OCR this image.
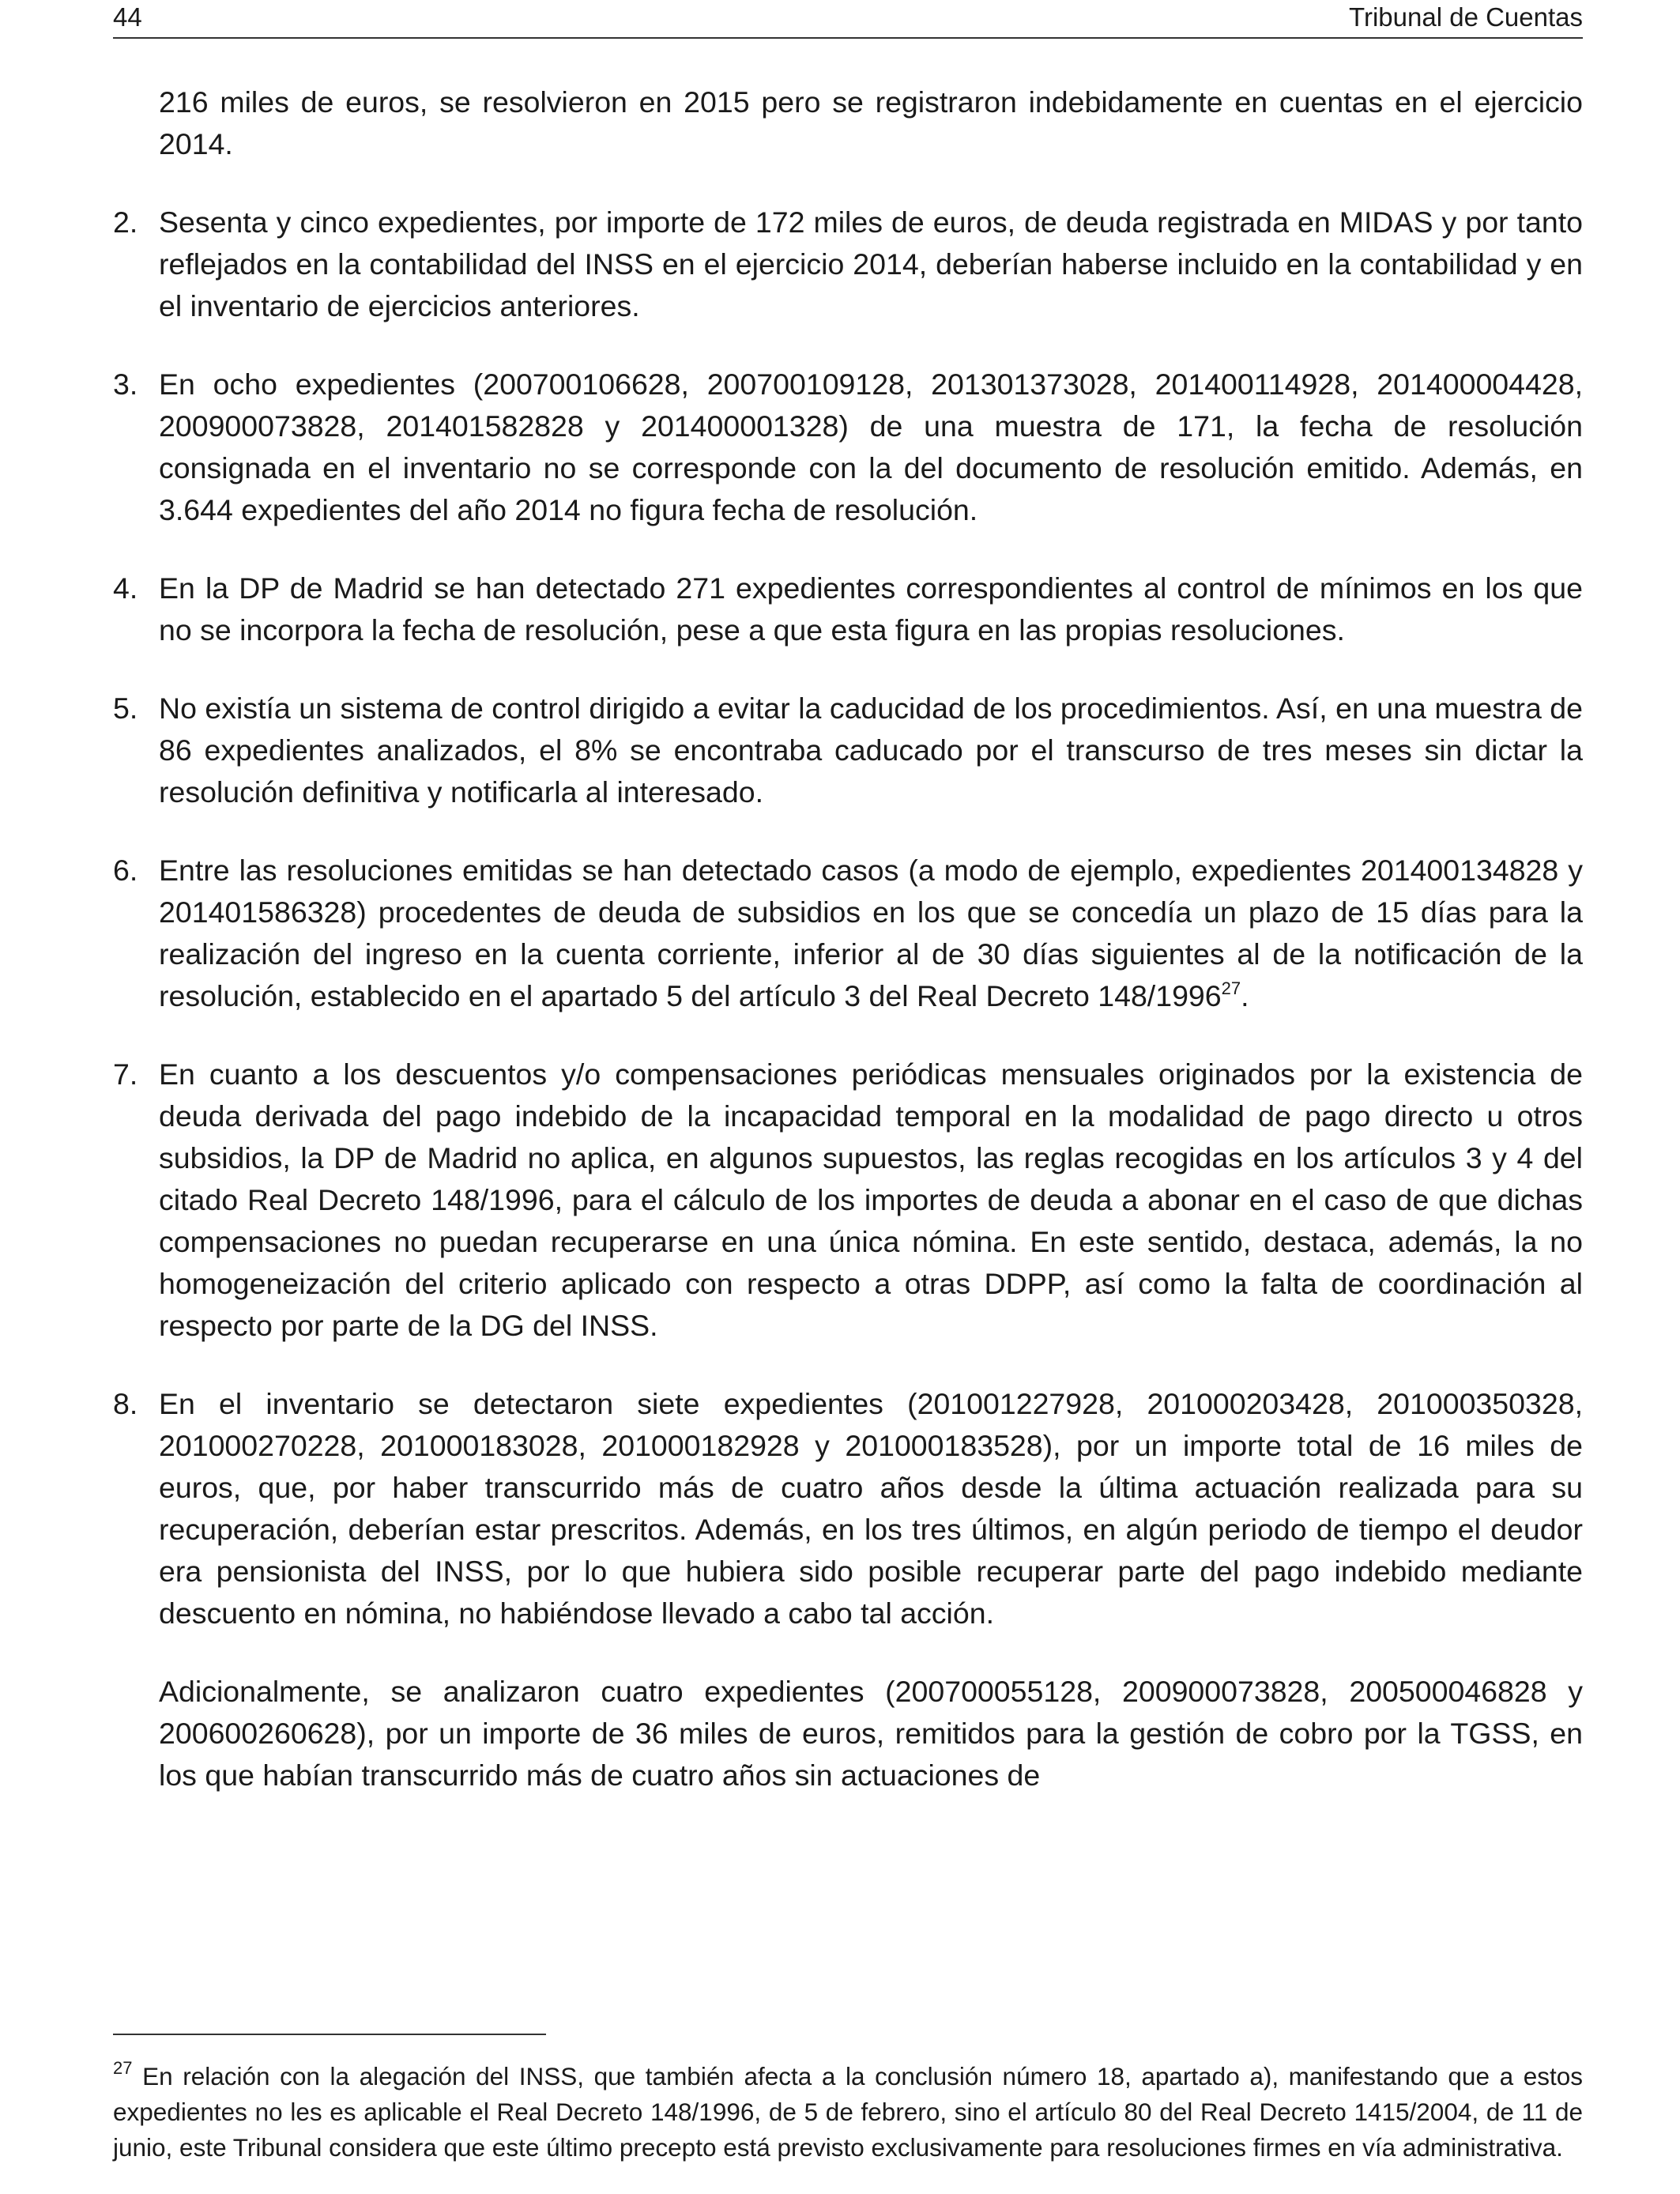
44	Tribunal de Cuentas
216 miles de euros, se resolvieron en 2015 pero se registraron indebidamente en cuentas en el ejercicio 2014.
2. Sesenta y cinco expedientes, por importe de 172 miles de euros, de deuda registrada en MIDAS y por tanto reflejados en la contabilidad del INSS en el ejercicio 2014, deberían haberse incluido en la contabilidad y en el inventario de ejercicios anteriores.
3. En ocho expedientes (200700106628, 200700109128, 201301373028, 201400114928, 201400004428, 200900073828, 201401582828 y 201400001328) de una muestra de 171, la fecha de resolución consignada en el inventario no se corresponde con la del documento de resolución emitido. Además, en 3.644 expedientes del año 2014 no figura fecha de resolución.
4. En la DP de Madrid se han detectado 271 expedientes correspondientes al control de mínimos en los que no se incorpora la fecha de resolución, pese a que esta figura en las propias resoluciones.
5. No existía un sistema de control dirigido a evitar la caducidad de los procedimientos. Así, en una muestra de 86 expedientes analizados, el 8% se encontraba caducado por el transcurso de tres meses sin dictar la resolución definitiva y notificarla al interesado.
6. Entre las resoluciones emitidas se han detectado casos (a modo de ejemplo, expedientes 201400134828 y 201401586328) procedentes de deuda de subsidios en los que se concedía un plazo de 15 días para la realización del ingreso en la cuenta corriente, inferior al de 30 días siguientes al de la notificación de la resolución, establecido en el apartado 5 del artículo 3 del Real Decreto 148/1996$^{27}$.
7. En cuanto a los descuentos y/o compensaciones periódicas mensuales originados por la existencia de deuda derivada del pago indebido de la incapacidad temporal en la modalidad de pago directo u otros subsidios, la DP de Madrid no aplica, en algunos supuestos, las reglas recogidas en los artículos 3 y 4 del citado Real Decreto 148/1996, para el cálculo de los importes de deuda a abonar en el caso de que dichas compensaciones no puedan recuperarse en una única nómina. En este sentido, destaca, además, la no homogeneización del criterio aplicado con respecto a otras DDPP, así como la falta de coordinación al respecto por parte de la DG del INSS.
8. En el inventario se detectaron siete expedientes (201001227928, 201000203428, 201000350328, 201000270228, 201000183028, 201000182928 y 201000183528), por un importe total de 16 miles de euros, que, por haber transcurrido más de cuatro años desde la última actuación realizada para su recuperación, deberían estar prescritos. Además, en los tres últimos, en algún periodo de tiempo el deudor era pensionista del INSS, por lo que hubiera sido posible recuperar parte del pago indebido mediante descuento en nómina, no habiéndose llevado a cabo tal acción.
Adicionalmente, se analizaron cuatro expedientes (200700055128, 200900073828, 200500046828 y 200600260628), por un importe de 36 miles de euros, remitidos para la gestión de cobro por la TGSS, en los que habían transcurrido más de cuatro años sin actuaciones de
$^{27}$ En relación con la alegación del INSS, que también afecta a la conclusión número 18, apartado a), manifestando que a estos expedientes no les es aplicable el Real Decreto 148/1996, de 5 de febrero, sino el artículo 80 del Real Decreto 1415/2004, de 11 de junio, este Tribunal considera que este último precepto está previsto exclusivamente para resoluciones firmes en vía administrativa.
